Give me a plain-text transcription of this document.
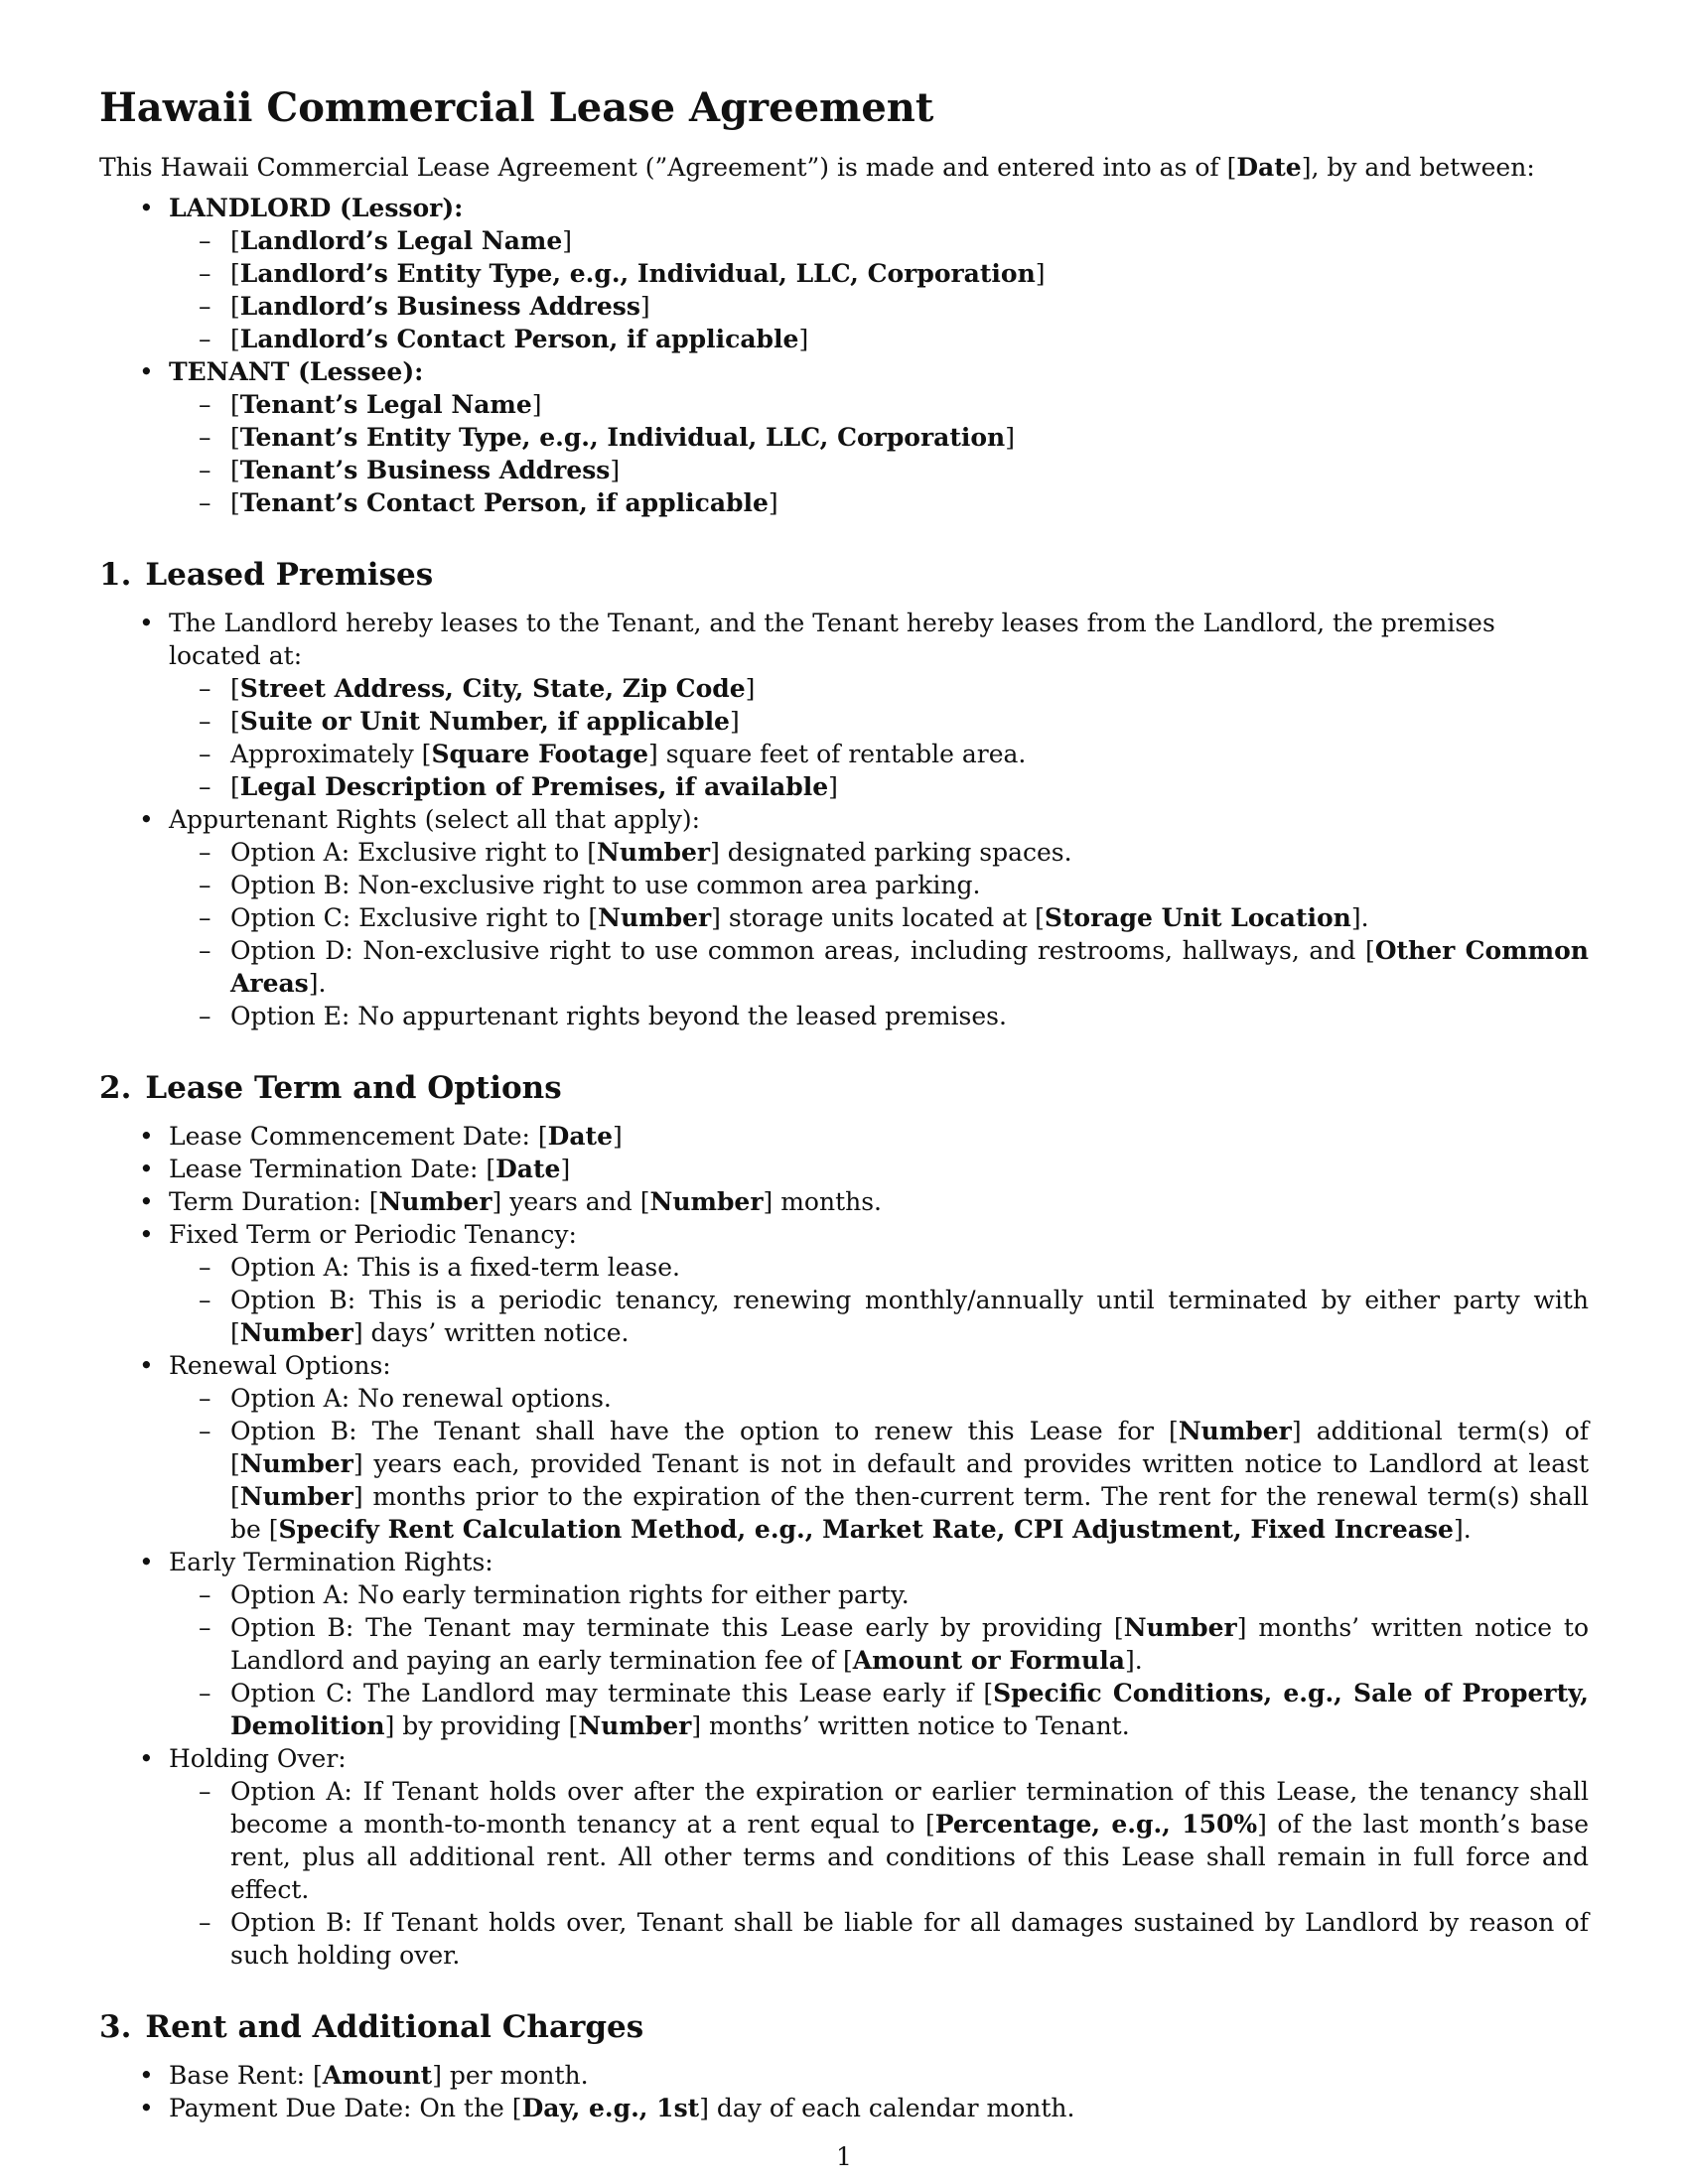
Hawaii Commercial Lease Agreement

This Hawaii Commercial Lease Agreement (”Agreement”) is made and entered into as of [Date], by and between:

• LANDLORD (Lessor):
– [Landlord’s Legal Name]
– [Landlord’s Entity Type, e.g., Individual, LLC, Corporation]
– [Landlord’s Business Address]
– [Landlord’s Contact Person, if applicable]
• TENANT (Lessee):
– [Tenant’s Legal Name]
– [Tenant’s Entity Type, e.g., Individual, LLC, Corporation]
– [Tenant’s Business Address]
– [Tenant’s Contact Person, if applicable]
1. Leased Premises
• The Landlord hereby leases to the Tenant, and the Tenant hereby leases from the Landlord, the premises located at:
– [Street Address, City, State, Zip Code]
– [Suite or Unit Number, if applicable]
– Approximately [Square Footage] square feet of rentable area.
– [Legal Description of Premises, if available]
• Appurtenant Rights (select all that apply):
– Option A: Exclusive right to [Number] designated parking spaces.
– Option B: Non-exclusive right to use common area parking.
– Option C: Exclusive right to [Number] storage units located at [Storage Unit Location].
– Option D: Non-exclusive right to use common areas, including restrooms, hallways, and [Other Common Areas].
– Option E: No appurtenant rights beyond the leased premises.
2. Lease Term and Options
• Lease Commencement Date: [Date]
• Lease Termination Date: [Date]
• Term Duration: [Number] years and [Number] months.
• Fixed Term or Periodic Tenancy:
– Option A: This is a fixed-term lease.
– Option B: This is a periodic tenancy, renewing monthly/annually until terminated by either party with [Number] days’ written notice.
• Renewal Options:
– Option A: No renewal options.
– Option B: The Tenant shall have the option to renew this Lease for [Number] additional term(s) of [Number] years each, provided Tenant is not in default and provides written notice to Landlord at least [Number] months prior to the expiration of the then-current term. The rent for the renewal term(s) shall be [Specify Rent Calculation Method, e.g., Market Rate, CPI Adjustment, Fixed Increase].
• Early Termination Rights:
– Option A: No early termination rights for either party.
– Option B: The Tenant may terminate this Lease early by providing [Number] months’ written notice to Landlord and paying an early termination fee of [Amount or Formula].
– Option C: The Landlord may terminate this Lease early if [Specific Conditions, e.g., Sale of Property, Demolition] by providing [Number] months’ written notice to Tenant.
• Holding Over:
– Option A: If Tenant holds over after the expiration or earlier termination of this Lease, the tenancy shall become a month-to-month tenancy at a rent equal to [Percentage, e.g., 150%] of the last month’s base rent, plus all additional rent. All other terms and conditions of this Lease shall remain in full force and effect.
– Option B: If Tenant holds over, Tenant shall be liable for all damages sustained by Landlord by reason of such holding over.
3. Rent and Additional Charges
• Base Rent: [Amount] per month.
• Payment Due Date: On the [Day, e.g., 1st] day of each calendar month.
1
